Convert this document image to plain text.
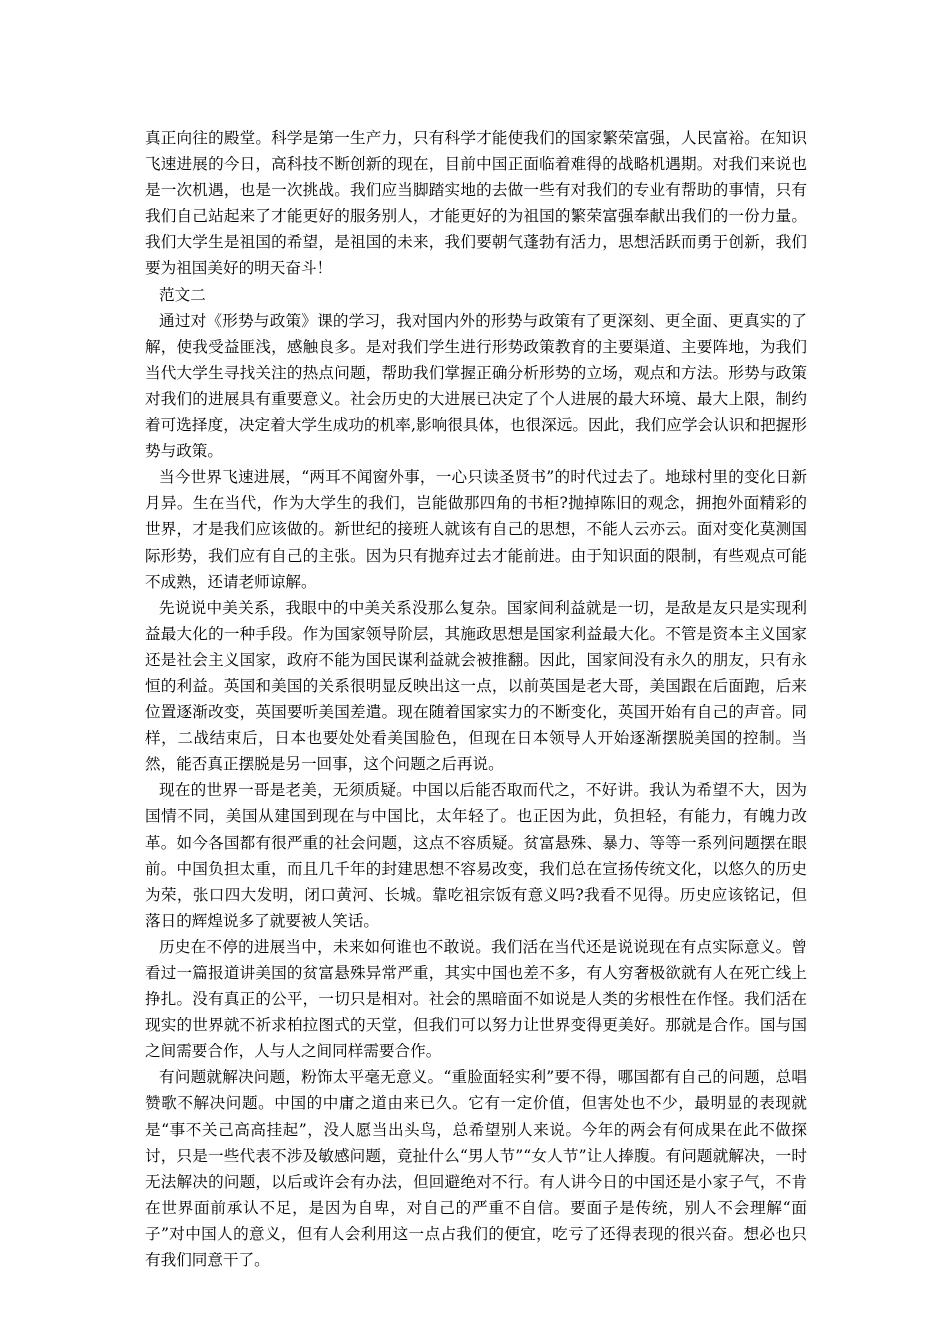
真正向往的殿堂。科学是第一生产力，只有科学才能使我们的国家繁荣富强，人民富裕。在知识飞速进展的今日，高科技不断创新的现在，目前中国正面临着难得的战略机遇期。对我们来说也是一次机遇，也是一次挑战。我们应当脚踏实地的去做一些有对我们的专业有帮助的事情，只有我们自己站起来了才能更好的服务别人，才能更好的为祖国的繁荣富强奉献出我们的一份力量。我们大学生是祖国的希望，是祖国的未来，我们要朝气蓬勃有活力，思想活跃而勇于创新，我们要为祖国美好的明天奋斗！

范文二

通过对《形势与政策》课的学习，我对国内外的形势与政策有了更深刻、更全面、更真实的了解，使我受益匪浅，感触良多。是对我们学生进行形势政策教育的主要渠道、主要阵地，为我们当代大学生寻找关注的热点问题，帮助我们掌握正确分析形势的立场，观点和方法。形势与政策对我们的进展具有重要意义。社会历史的大进展已决定了个人进展的最大环境、最大上限，制约着可选择度，决定着大学生成功的机率,影响很具体，也很深远。因此，我们应学会认识和把握形势与政策。

当今世界飞速进展，“两耳不闻窗外事，一心只读圣贤书”的时代过去了。地球村里的变化日新月异。生在当代，作为大学生的我们，岂能做那四角的书柜?抛掉陈旧的观念，拥抱外面精彩的世界，才是我们应该做的。新世纪的接班人就该有自己的思想，不能人云亦云。面对变化莫测国际形势，我们应有自己的主张。因为只有抛弃过去才能前进。由于知识面的限制，有些观点可能不成熟，还请老师谅解。

先说说中美关系，我眼中的中美关系没那么复杂。国家间利益就是一切，是敌是友只是实现利益最大化的一种手段。作为国家领导阶层，其施政思想是国家利益最大化。不管是资本主义国家还是社会主义国家，政府不能为国民谋利益就会被推翻。因此，国家间没有永久的朋友，只有永恒的利益。英国和美国的关系很明显反映出这一点，以前英国是老大哥，美国跟在后面跑，后来位置逐渐改变，英国要听美国差遣。现在随着国家实力的不断变化，英国开始有自己的声音。同样，二战结束后，日本也要处处看美国脸色，但现在日本领导人开始逐渐摆脱美国的控制。当然，能否真正摆脱是另一回事，这个问题之后再说。

现在的世界一哥是老美，无须质疑。中国以后能否取而代之，不好讲。我认为希望不大，因为国情不同，美国从建国到现在与中国比，太年轻了。也正因为此，负担轻，有能力，有魄力改革。如今各国都有很严重的社会问题，这点不容质疑。贫富悬殊、暴力、等等一系列问题摆在眼前。中国负担太重，而且几千年的封建思想不容易改变，我们总在宣扬传统文化，以悠久的历史为荣，张口四大发明，闭口黄河、长城。靠吃祖宗饭有意义吗?我看不见得。历史应该铭记，但落日的辉煌说多了就要被人笑话。

历史在不停的进展当中，未来如何谁也不敢说。我们活在当代还是说说现在有点实际意义。曾看过一篇报道讲美国的贫富悬殊异常严重，其实中国也差不多，有人穷奢极欲就有人在死亡线上挣扎。没有真正的公平，一切只是相对。社会的黑暗面不如说是人类的劣根性在作怪。我们活在现实的世界就不祈求柏拉图式的天堂，但我们可以努力让世界变得更美好。那就是合作。国与国之间需要合作，人与人之间同样需要合作。

有问题就解决问题，粉饰太平毫无意义。“重脸面轻实利”要不得，哪国都有自己的问题，总唱赞歌不解决问题。中国的中庸之道由来已久。它有一定价值，但害处也不少，最明显的表现就是“事不关己高高挂起”，没人愿当出头鸟，总希望别人来说。今年的两会有何成果在此不做探讨，只是一些代表不涉及敏感问题，竟扯什么“男人节”“女人节”让人捧腹。有问题就解决，一时无法解决的问题，以后或许会有办法，但回避绝对不行。有人讲今日的中国还是小家子气，不肯在世界面前承认不足，是因为自卑，对自己的严重不自信。要面子是传统，别人不会理解“面子”对中国人的意义，但有人会利用这一点占我们的便宜，吃亏了还得表现的很兴奋。想必也只有我们同意干了。
